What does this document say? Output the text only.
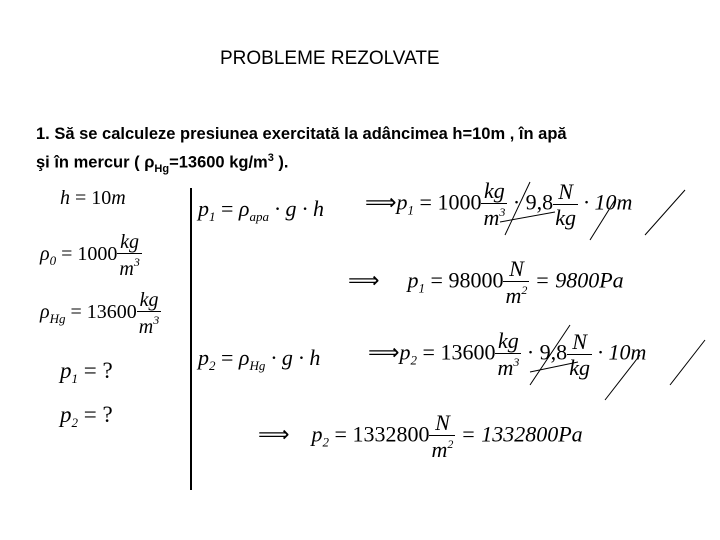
PROBLEME REZOLVATE
1. Să se calculeze presiunea exercitată la adâncimea h=10m , în apă
şi în mercur ( $\rho_{Hg}=13600$ $kg/m^3$ ).
h = 10m
$\rho_0 = 1000 \frac{kg}{m^3}$
$\rho_{Hg} = 13600 \frac{kg}{m^3}$
$p_1$ = ?
$p_2$ = ?
$p_1 = \rho_{apa} \cdot g \cdot h$ $⟹p_1 = 1000 \frac{kg}{m^3} \cdot 9,8 \frac{N}{kg} \cdot 10m$
⟹ $p_1 = 98000 \frac{N}{m^2} = 9800Pa$
$p_2 = \rho_{Hg} \cdot g \cdot h$ $⟹p_2 = 13600 \frac{kg}{m^3} \cdot 9,8 \frac{N}{kg} \cdot 10m$
⟹ $p_2 = 1332800 \frac{N}{m^2} = 1332800Pa$
